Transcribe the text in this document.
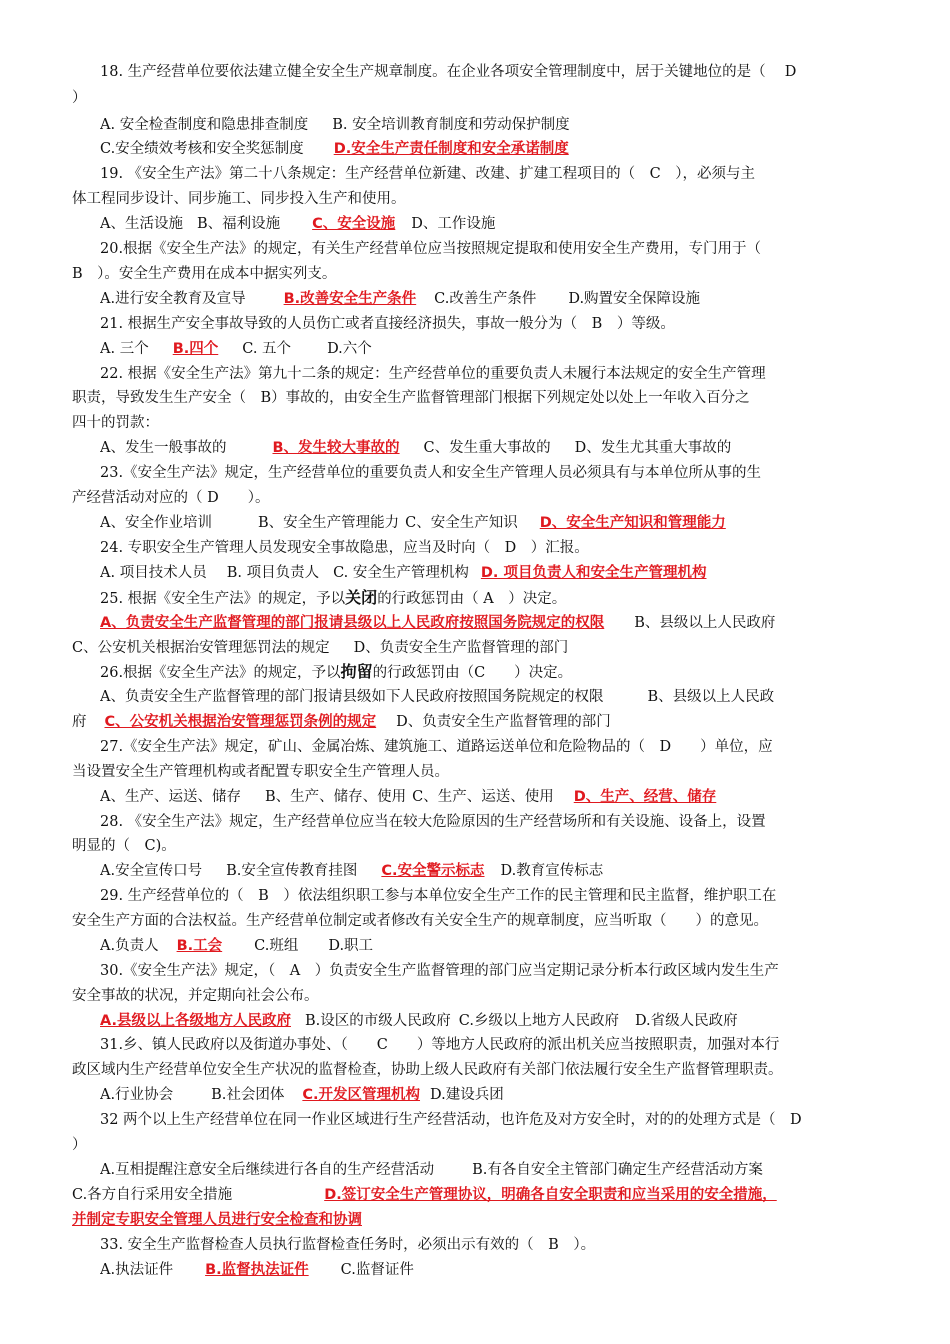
18. 生产经营单位要依法建立健全安全生产规章制度。在企业各项安全管理制度中，居于关键地位的是（　 D
）
A. 安全检查制度和隐患排查制度 B. 安全培训教育制度和劳动保护制度
C.安全绩效考核和安全奖惩制度 D.安全生产责任制度和安全承诺制度
19. 《安全生产法》第二十八条规定：生产经营单位新建、改建、扩建工程项目的（　C　），必须与主
体工程同步设计、同步施工、同步投入生产和使用。
A、生活设施 B、福利设施 C、安全设施 D、工作设施
20.根据《安全生产法》的规定，有关生产经营单位应当按照规定提取和使用安全生产费用，专门用于（
B　）。安全生产费用在成本中据实列支。
A.进行安全教育及宣导	B.改善安全生产条件 C.改善生产条件 D.购置安全保障设施
21. 根据生产安全事故导致的人员伤亡或者直接经济损失，事故一般分为（　B　）等级。
A. 三个 B.四个 C. 五个 D.六个
22. 根据《安全生产法》第九十二条的规定：生产经营单位的重要负责人未履行本法规定的安全生产管理
职责，导致发生生产安全（　B）事故的，由安全生产监督管理部门根据下列规定处以处上一年收入百分之
四十的罚款：
A、发生一般事故的	B、发生较大事故的 C、发生重大事故的 D、发生尤其重大事故的
23.《安全生产法》规定，生产经营单位的重要负责人和安全生产管理人员必须具有与本单位所从事的生
产经营活动对应的（ D　　）。
A、安全作业培训	B、安全生产管理能力 C、安全生产知识 D、安全生产知识和管理能力
24. 专职安全生产管理人员发现安全事故隐患，应当及时向（　D　）汇报。
A. 项目技术人员 B. 项目负责人 C. 安全生产管理机构 D. 项目负责人和安全生产管理机构
25. 根据《安全生产法》的规定，予以关闭的行政惩罚由（ A　）决定。
A、负责安全生产监督管理的部门报请县级以上人民政府按照国务院规定的权限 B、县级以上人民政府
C、公安机关根据治安管理惩罚法的规定 D、负责安全生产监督管理的部门
26.根据《安全生产法》的规定，予以拘留的行政惩罚由（C　　）决定。
A、负责安全生产监督管理的部门报请县级如下人民政府按照国务院规定的权限	B、县级以上人民政
府 C、公安机关根据治安管理惩罚条例的规定 D、负责安全生产监督管理的部门
27.《安全生产法》规定，矿山、金属冶炼、建筑施工、道路运送单位和危险物品的（　D　　）单位，应
当设置安全生产管理机构或者配置专职安全生产管理人员。
A、生产、运送、储存 B、生产、储存、使用 C、生产、运送、使用 D、生产、经营、储存
28. 《安全生产法》规定，生产经营单位应当在较大危险原因的生产经营场所和有关设施、设备上，设置
明显的（　C)。
A.安全宣传口号 B.安全宣传教育挂图 C.安全警示标志 D.教育宣传标志
29. 生产经营单位的（　B　）依法组织职工参与本单位安全生产工作的民主管理和民主监督，维护职工在
安全生产方面的合法权益。生产经营单位制定或者修改有关安全生产的规章制度，应当听取（　　）的意见。
A.负责人 B.工会 C.班组 D.职工
30.《安全生产法》规定，（　A　）负责安全生产监督管理的部门应当定期记录分析本行政区域内发生生产
安全事故的状况，并定期向社会公布。
A.县级以上各级地方人民政府 B.设区的市级人民政府 C.乡级以上地方人民政府 D.省级人民政府
31.乡、镇人民政府以及街道办事处、（　　C　　）等地方人民政府的派出机关应当按照职责，加强对本行
政区域内生产经营单位安全生产状况的监督检查，协助上级人民政府有关部门依法履行安全生产监督管理职责。
A.行业协会	B.社会团体 C.开发区管理机构 D.建设兵团
32 两个以上生产经营单位在同一作业区域进行生产经营活动，也许危及对方安全时，对的的处理方式是（　D
）
A.互相提醒注意安全后继续进行各自的生产经营活动	B.有各自安全主管部门确定生产经营活动方案
C.各方自行采用安全措施	D.签订安全生产管理协议，明确各自安全职责和应当采用的安全措施，
并制定专职安全管理人员进行安全检查和协调
33. 安全生产监督检查人员执行监督检查任务时，必须出示有效的（　B　）。
A.执法证件 B.监督执法证件 C.监督证件
